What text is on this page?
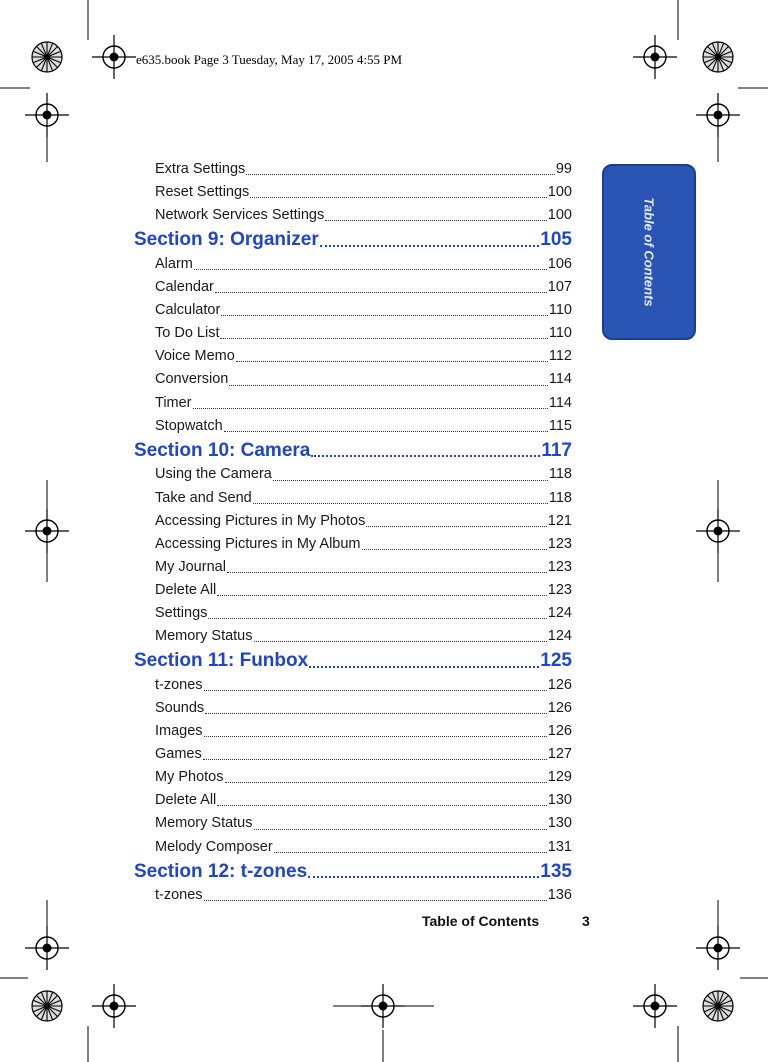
e635.book Page 3 Tuesday, May 17, 2005 4:55 PM
Table of Contents
Extra Settings	99
Reset Settings	100
Network Services Settings	100
Section 9: Organizer	105
Alarm	106
Calendar	107
Calculator	110
To Do List	110
Voice Memo	112
Conversion	114
Timer	114
Stopwatch	115
Section 10: Camera	117
Using the Camera	118
Take and Send	118
Accessing Pictures in My Photos	121
Accessing Pictures in My Album	123
My Journal	123
Delete All	123
Settings	124
Memory Status	124
Section 11: Funbox	125
t-zones	126
Sounds	126
Images	126
Games	127
My Photos	129
Delete All	130
Memory Status	130
Melody Composer	131
Section 12: t-zones	135
t-zones	136
Table of Contents	3
